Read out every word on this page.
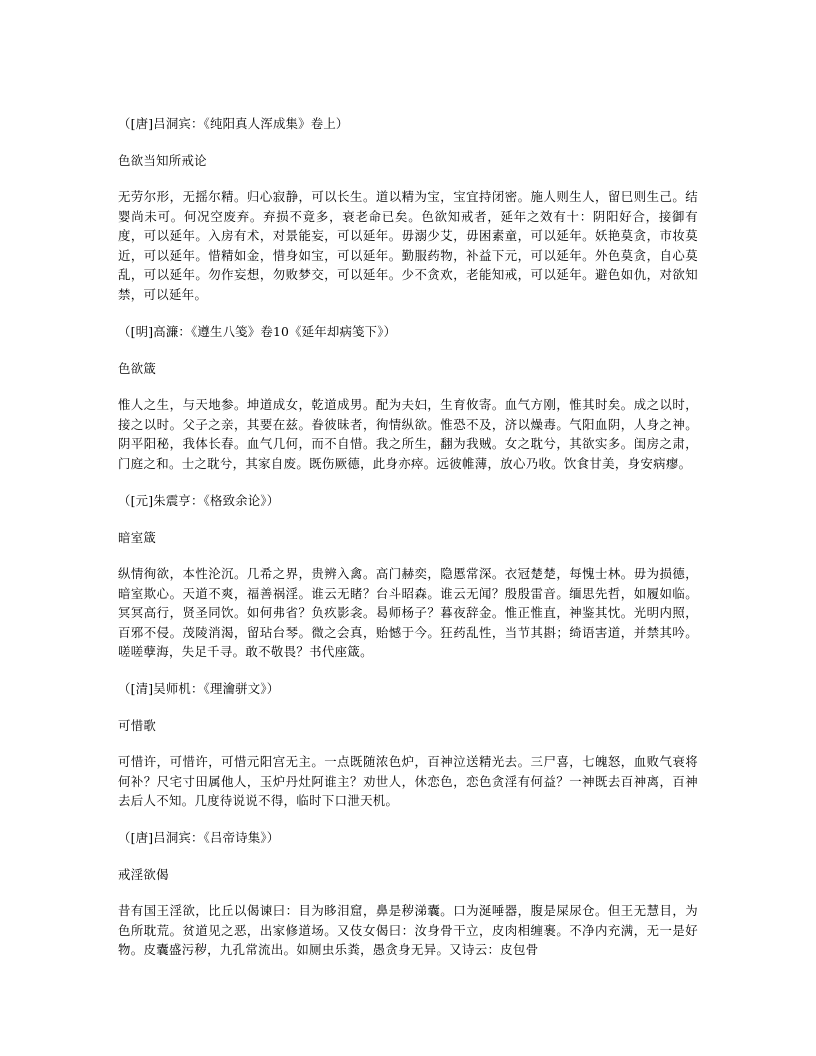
（[唐]吕洞宾：《纯阳真人浑成集》卷上）

色欲当知所戒论

无劳尔形，无摇尔精。归心寂静，可以长生。道以精为宝，宝宜持闭密。施人则生人，留巳则生己。结婴尚未可。何况空废弃。弃损不竟多，衰老命已矣。色欲知戒者，延年之效有十：阴阳好合，接御有度，可以延年。入房有术，对景能妄，可以延年。毋溺少艾，毋困素童，可以延年。妖艳莫贪，市妆莫近，可以延年。惜精如金，惜身如宝，可以延年。勤服药物，补益下元，可以延年。外色莫贪，自心莫乱，可以延年。勿作妄想，勿败梦交，可以延年。少不贪欢，老能知戒，可以延年。避色如仇，对欲知禁，可以延年。

（[明]高濂：《遵生八笺》卷10《延年却病笺下》）

色欲箴

惟人之生，与天地参。坤道成女，乾道成男。配为夫妇，生育攸寄。血气方刚，惟其时矣。成之以时，接之以时。父子之亲，其要在兹。眷彼昧者，徇情纵欲。惟恐不及，济以燥毒。气阳血阴，人身之神。阴平阳秘，我体长春。血气几何，而不自惜。我之所生，翻为我贼。女之耽兮，其欲实多。闺房之肃，门庭之和。士之耽兮，其家自废。既伤厥德，此身亦瘁。远彼帷薄，放心乃收。饮食甘美，身安病瘳。

（[元]朱震亨：《格致余论》）

暗室箴

纵情徇欲，本性沦沉。几希之界，贵辨入禽。高门赫奕，隐慝常深。衣冠楚楚，每愧士林。毋为损德，暗室欺心。天道不爽，福善祸淫。谁云无睹？台斗昭森。谁云无闻？殷殷雷音。缅思先哲，如履如临。冥冥高行，贤圣同饮。如何弗省？负疚影衾。曷师杨子？暮夜辞金。惟正惟直，神鉴其忱。光明内照，百邪不侵。茂陵消渴，留玷台琴。微之会真，贻憾于今。狂药乱性，当节其斟；绮语害道，并禁其吟。嗟嗟孽海，失足千寻。敢不敬畏？书代座箴。

（[清]吴师机：《理瀹骈文》）

可惜歌

可惜许，可惜许，可惜元阳宫无主。一点既随浓色炉，百神泣送精光去。三尸喜，七魄怒，血败气衰将何补？尺宅寸田属他人，玉炉丹灶阿谁主？劝世人，休恋色，恋色贪淫有何益？一神既去百神离，百神去后人不知。几度待说说不得，临时下口泄天机。

（[唐]吕洞宾：《吕帝诗集》）

戒淫欲偈

昔有国王淫欲，比丘以偈谏曰：目为眵泪窟，鼻是秽涕囊。口为涎唾器，腹是屎尿仓。但王无慧目，为色所耽荒。贫道见之恶，出家修道场。又伎女偈曰：汝身骨干立，皮肉相缠裹。不净内充满，无一是好物。皮囊盛污秽，九孔常流出。如厕虫乐粪，愚贪身无异。又诗云：皮包骨
